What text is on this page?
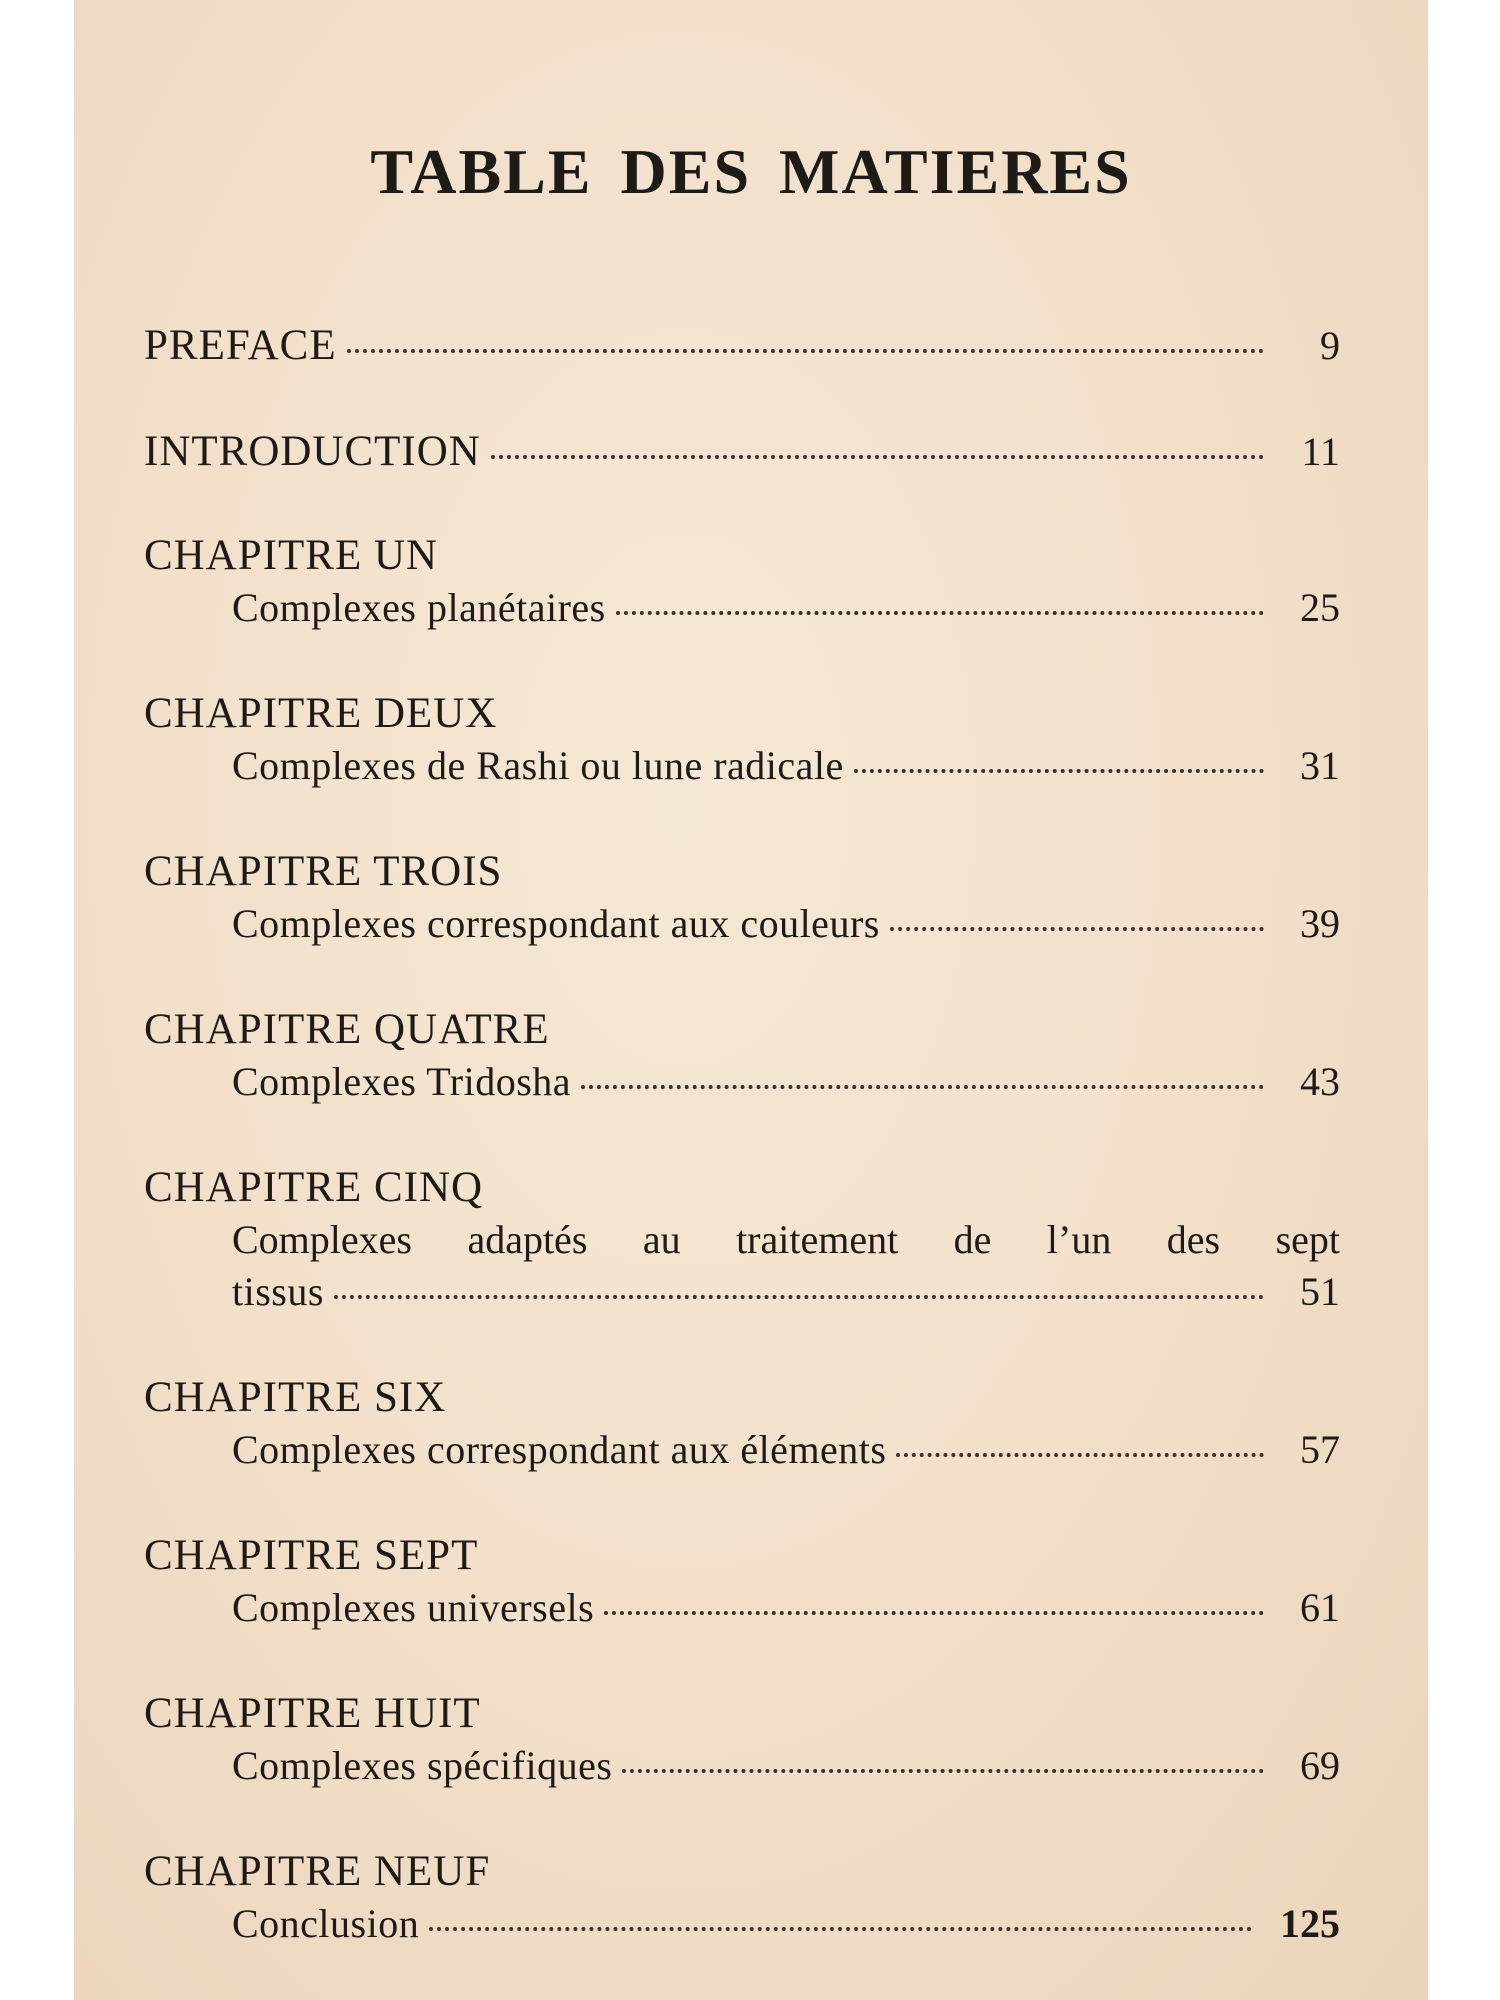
TABLE DES MATIERES
PREFACE	9
INTRODUCTION	11
CHAPITRE UN
Complexes planétaires	25
CHAPITRE DEUX
Complexes de Rashi ou lune radicale	31
CHAPITRE TROIS
Complexes correspondant aux couleurs	39
CHAPITRE QUATRE
Complexes Tridosha	43
CHAPITRE CINQ
Complexes adaptés au traitement de l’un des sept
tissus	51
CHAPITRE SIX
Complexes correspondant aux éléments	57
CHAPITRE SEPT
Complexes universels	61
CHAPITRE HUIT
Complexes spécifiques	69
CHAPITRE NEUF
Conclusion	125
